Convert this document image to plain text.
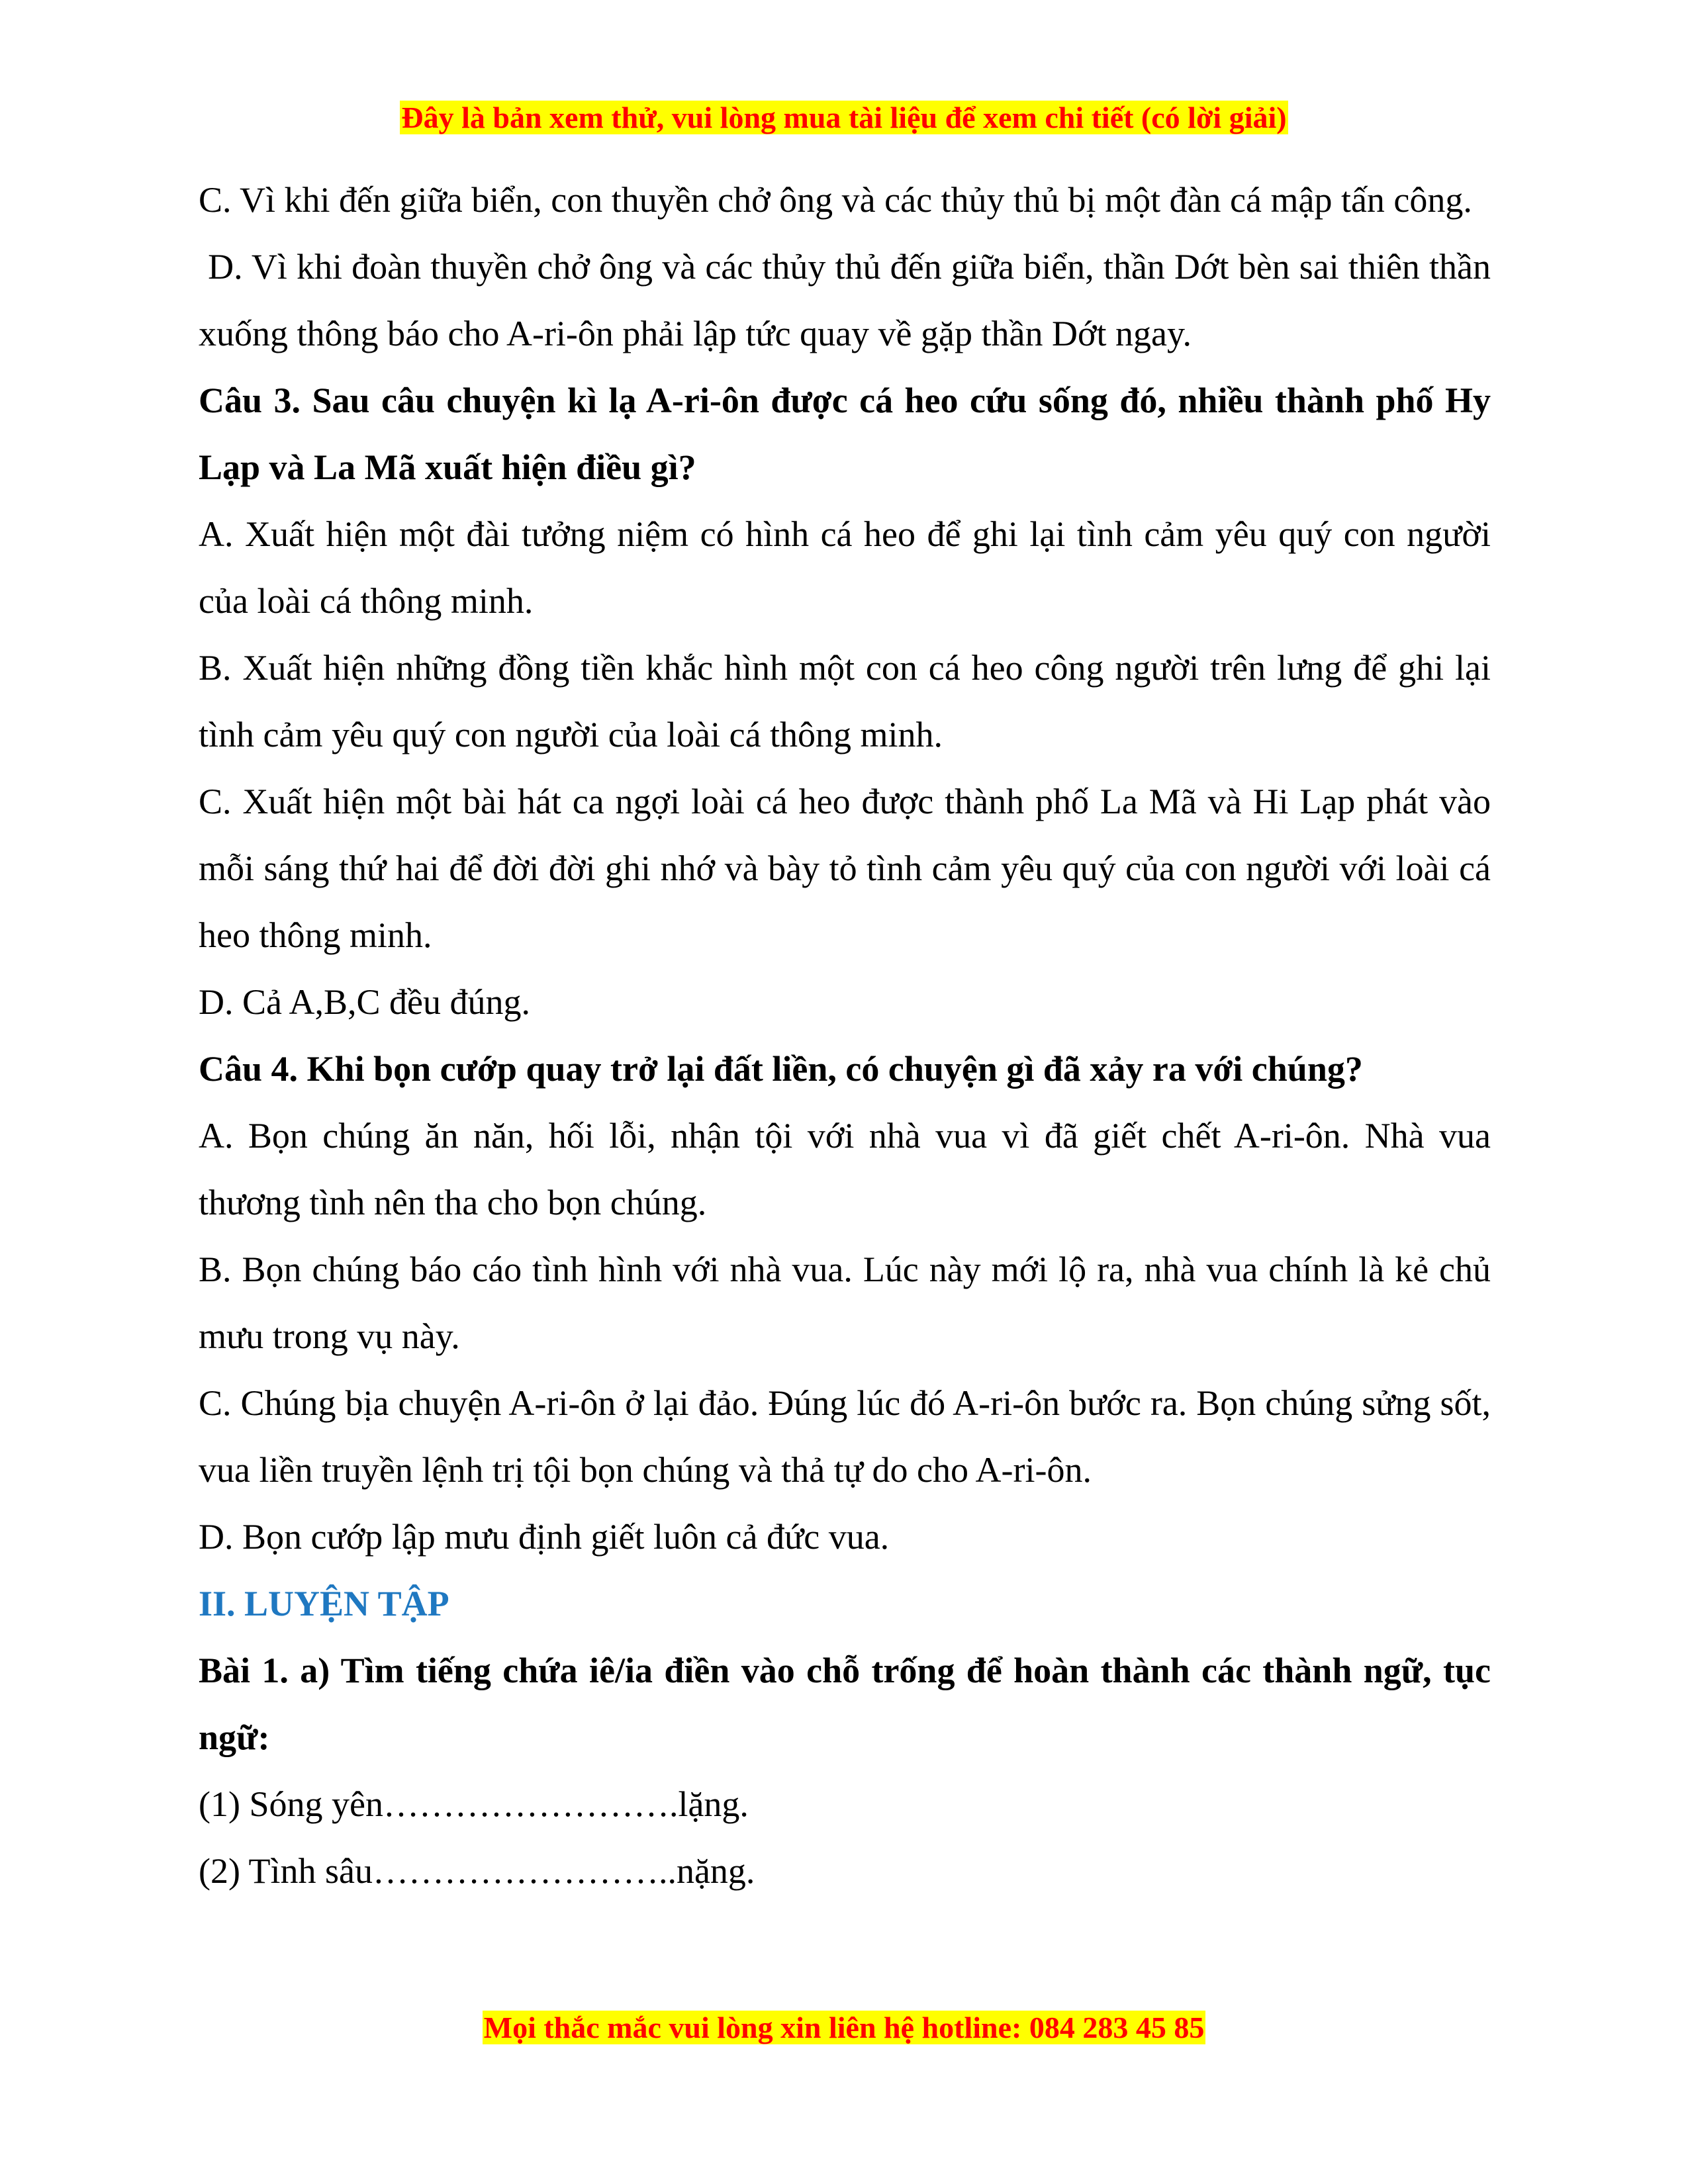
Đây là bản xem thử, vui lòng mua tài liệu để xem chi tiết (có lời giải)

C. Vì khi đến giữa biển, con thuyền chở ông và các thủy thủ bị một đàn cá mập tấn công.

D. Vì khi đoàn thuyền chở ông và các thủy thủ đến giữa biển, thần Dớt bèn sai thiên thần xuống thông báo cho A-ri-ôn phải lập tức quay về gặp thần Dớt ngay.

Câu 3. Sau câu chuyện kì lạ A-ri-ôn được cá heo cứu sống đó, nhiều thành phố Hy Lạp và La Mã xuất hiện điều gì?

A. Xuất hiện một đài tưởng niệm có hình cá heo để ghi lại tình cảm yêu quý con người của loài cá thông minh.

B. Xuất hiện những đồng tiền khắc hình một con cá heo công người trên lưng để ghi lại tình cảm yêu quý con người của loài cá thông minh.

C. Xuất hiện một bài hát ca ngợi loài cá heo được thành phố La Mã và Hi Lạp phát vào mỗi sáng thứ hai để đời đời ghi nhớ và bày tỏ tình cảm yêu quý của con người với loài cá heo thông minh.

D. Cả A,B,C đều đúng.

Câu 4. Khi bọn cướp quay trở lại đất liền, có chuyện gì đã xảy ra với chúng?

A. Bọn chúng ăn năn, hối lỗi, nhận tội với nhà vua vì đã giết chết A-ri-ôn. Nhà vua thương tình nên tha cho bọn chúng.

B. Bọn chúng báo cáo tình hình với nhà vua. Lúc này mới lộ ra, nhà vua chính là kẻ chủ mưu trong vụ này.

C. Chúng bịa chuyện A-ri-ôn ở lại đảo. Đúng lúc đó A-ri-ôn bước ra. Bọn chúng sửng sốt, vua liền truyền lệnh trị tội bọn chúng và thả tự do cho A-ri-ôn.

D. Bọn cướp lập mưu định giết luôn cả đức vua.

II. LUYỆN TẬP

Bài 1. a) Tìm tiếng chứa iê/ia điền vào chỗ trống để hoàn thành các thành ngữ, tục ngữ:

(1) Sóng yên…………………….lặng.

(2) Tình sâu……………………..nặng.

Mọi thắc mắc vui lòng xin liên hệ hotline: 084 283 45 85
